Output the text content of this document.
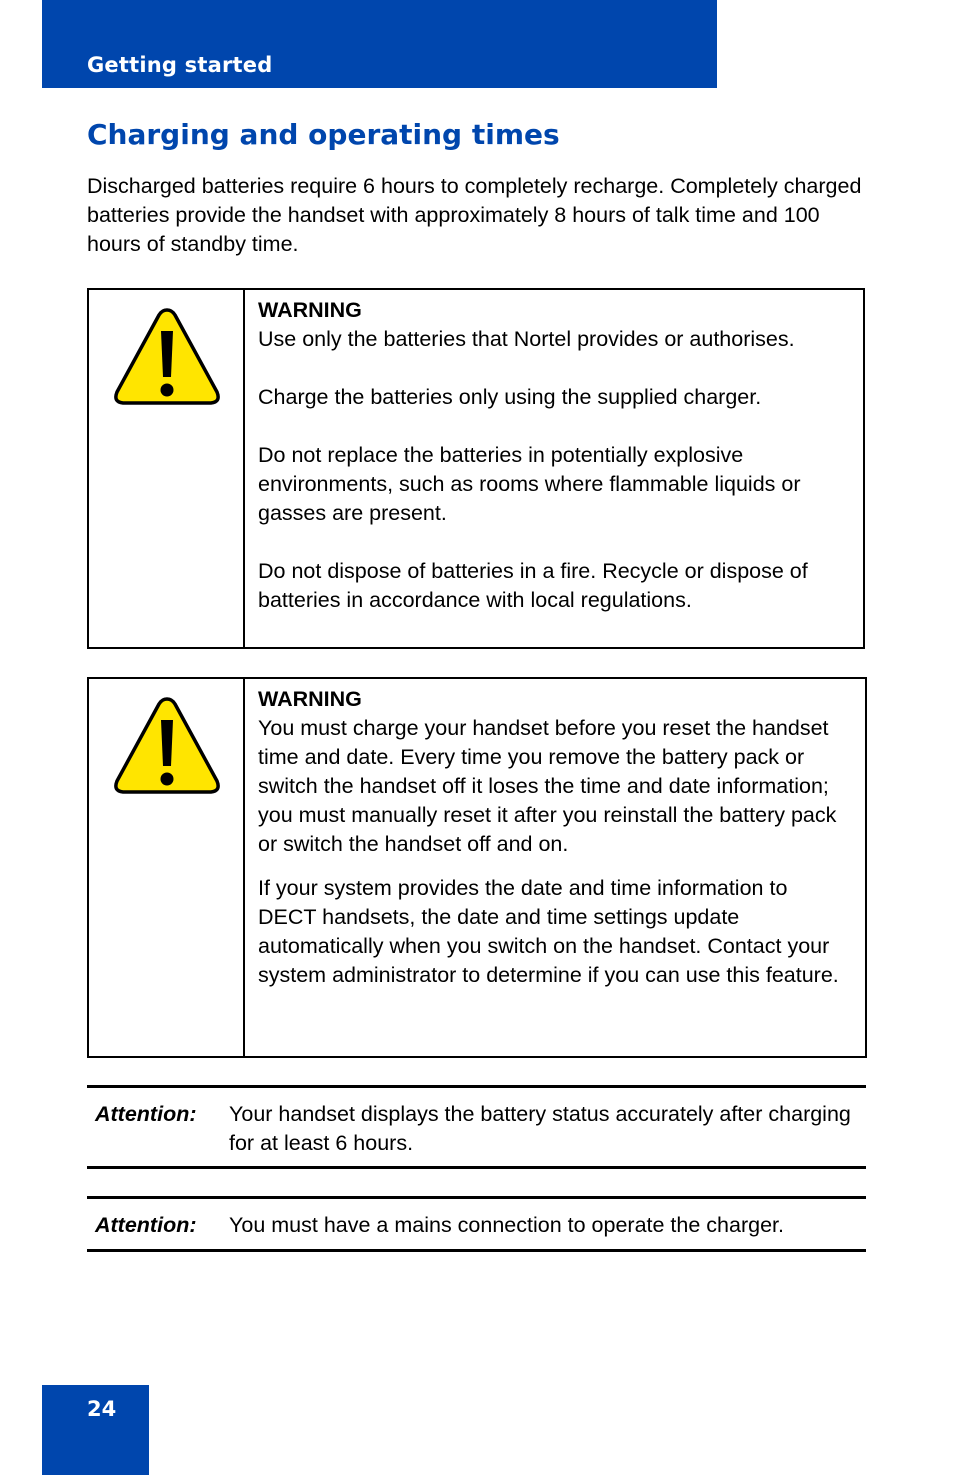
Getting started
Charging and operating times

Discharged batteries require 6 hours to completely recharge. Completely charged batteries provide the handset with approximately 8 hours of talk time and 100 hours of standby time.

WARNING

Use only the batteries that Nortel provides or authorises.

Charge the batteries only using the supplied charger.

Do not replace the batteries in potentially explosive environments, such as rooms where flammable liquids or gasses are present.

Do not dispose of batteries in a fire. Recycle or dispose of batteries in accordance with local regulations.

WARNING

You must charge your handset before you reset the handset time and date. Every time you remove the battery pack or switch the handset off it loses the time and date information; you must manually reset it after you reinstall the battery pack or switch the handset off and on.

If your system provides the date and time information to DECT handsets, the date and time settings update automatically when you switch on the handset. Contact your system administrator to determine if you can use this feature.

Attention: Your handset displays the battery status accurately after charging for at least 6 hours.
Attention: You must have a mains connection to operate the charger.
24
